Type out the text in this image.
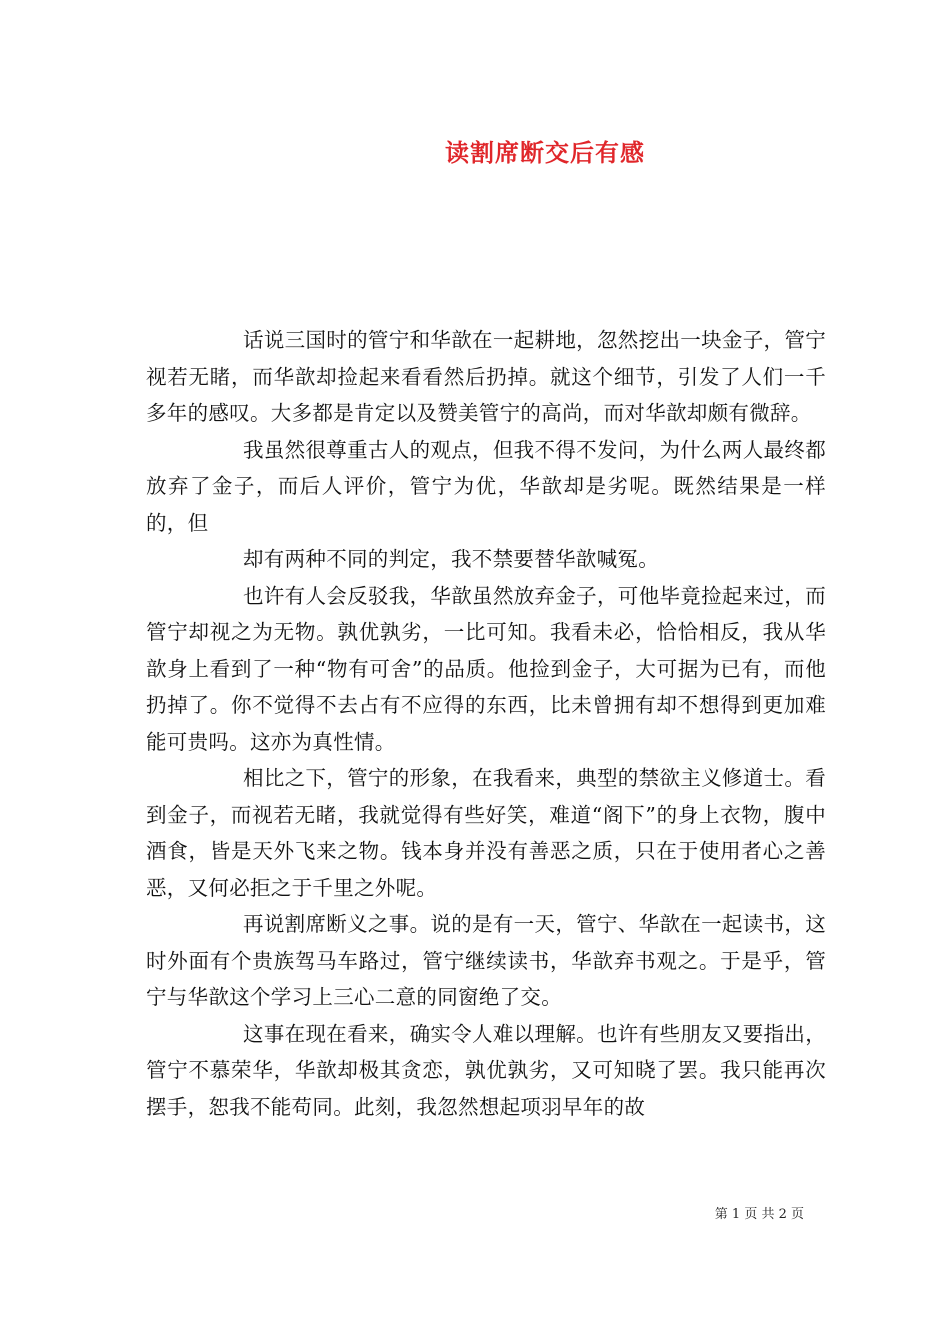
读割席断交后有感

话说三国时的管宁和华歆在一起耕地，忽然挖出一块金子，管宁视若无睹，而华歆却捡起来看看然后扔掉。就这个细节，引发了人们一千多年的感叹。大多都是肯定以及赞美管宁的高尚，而对华歆却颇有微辞。

我虽然很尊重古人的观点，但我不得不发问，为什么两人最终都放弃了金子，而后人评价，管宁为优，华歆却是劣呢。既然结果是一样的，但

却有两种不同的判定，我不禁要替华歆喊冤。

也许有人会反驳我，华歆虽然放弃金子，可他毕竟捡起来过，而管宁却视之为无物。孰优孰劣，一比可知。我看未必，恰恰相反，我从华歆身上看到了一种“物有可舍”的品质。他捡到金子，大可据为已有，而他扔掉了。你不觉得不去占有不应得的东西，比未曾拥有却不想得到更加难能可贵吗。这亦为真性情。

相比之下，管宁的形象，在我看来，典型的禁欲主义修道士。看到金子，而视若无睹，我就觉得有些好笑，难道“阁下”的身上衣物，腹中酒食，皆是天外飞来之物。钱本身并没有善恶之质，只在于使用者心之善恶，又何必拒之于千里之外呢。

再说割席断义之事。说的是有一天，管宁、华歆在一起读书，这时外面有个贵族驾马车路过，管宁继续读书，华歆弃书观之。于是乎，管宁与华歆这个学习上三心二意的同窗绝了交。

这事在现在看来，确实令人难以理解。也许有些朋友又要指出，管宁不慕荣华，华歆却极其贪恋，孰优孰劣，又可知晓了罢。我只能再次摆手，恕我不能苟同。此刻，我忽然想起项羽早年的故

第 1 页 共 2 页
